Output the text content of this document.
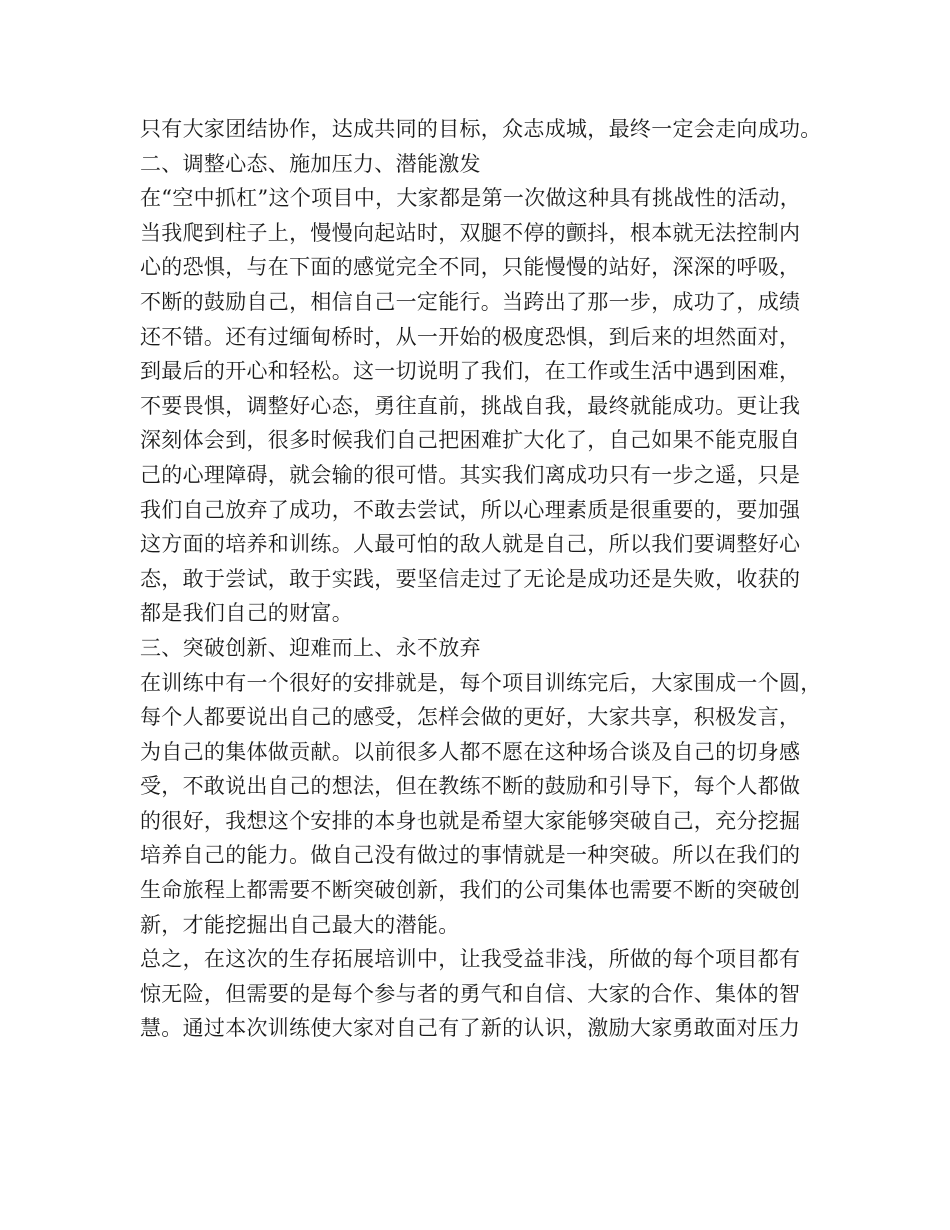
只有大家团结协作，达成共同的目标，众志成城，最终一定会走向成功。
二、调整心态、施加压力、潜能激发
在“空中抓杠”这个项目中，大家都是第一次做这种具有挑战性的活动，
当我爬到柱子上，慢慢向起站时，双腿不停的颤抖，根本就无法控制内
心的恐惧，与在下面的感觉完全不同，只能慢慢的站好，深深的呼吸，
不断的鼓励自己，相信自己一定能行。当跨出了那一步，成功了，成绩
还不错。还有过缅甸桥时，从一开始的极度恐惧，到后来的坦然面对，
到最后的开心和轻松。这一切说明了我们，在工作或生活中遇到困难，
不要畏惧，调整好心态，勇往直前，挑战自我，最终就能成功。更让我
深刻体会到，很多时候我们自己把困难扩大化了，自己如果不能克服自
己的心理障碍，就会输的很可惜。其实我们离成功只有一步之遥，只是
我们自己放弃了成功，不敢去尝试，所以心理素质是很重要的，要加强
这方面的培养和训练。人最可怕的敌人就是自己，所以我们要调整好心
态，敢于尝试，敢于实践，要坚信走过了无论是成功还是失败，收获的
都是我们自己的财富。
三、突破创新、迎难而上、永不放弃
在训练中有一个很好的安排就是，每个项目训练完后，大家围成一个圆，
每个人都要说出自己的感受，怎样会做的更好，大家共享，积极发言，
为自己的集体做贡献。以前很多人都不愿在这种场合谈及自己的切身感
受，不敢说出自己的想法，但在教练不断的鼓励和引导下，每个人都做
的很好，我想这个安排的本身也就是希望大家能够突破自己，充分挖掘
培养自己的能力。做自己没有做过的事情就是一种突破。所以在我们的
生命旅程上都需要不断突破创新，我们的公司集体也需要不断的突破创
新，才能挖掘出自己最大的潜能。
总之，在这次的生存拓展培训中，让我受益非浅，所做的每个项目都有
惊无险，但需要的是每个参与者的勇气和自信、大家的合作、集体的智
慧。通过本次训练使大家对自己有了新的认识，激励大家勇敢面对压力
